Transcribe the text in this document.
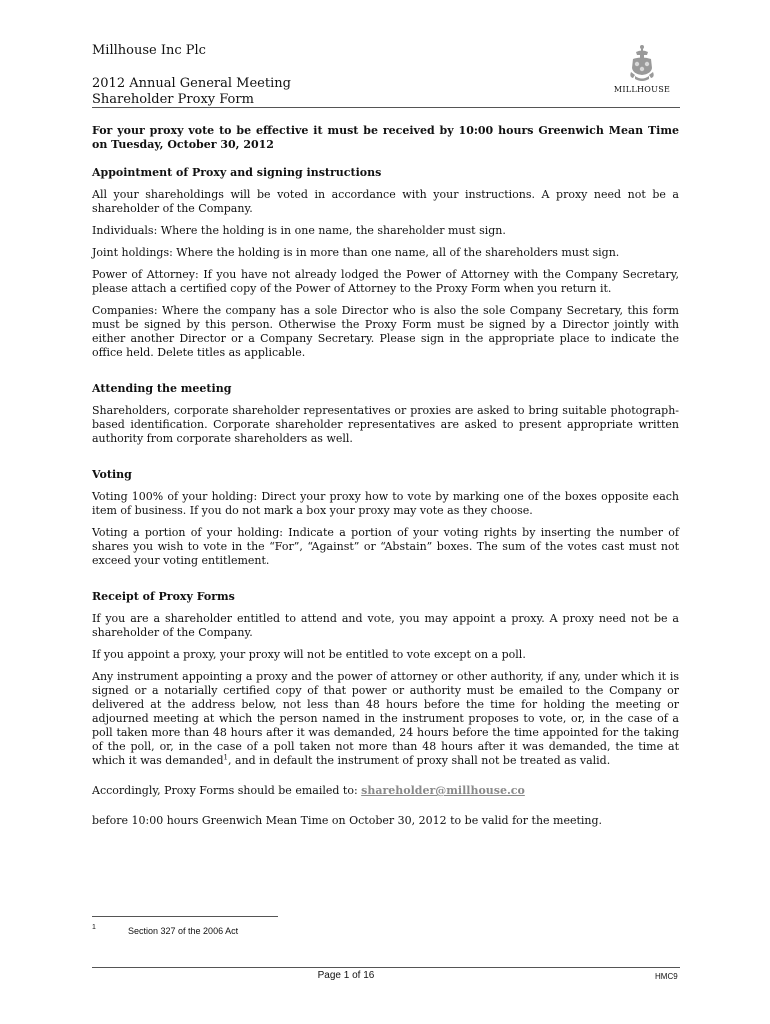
Millhouse Inc Plc
2012 Annual General Meeting
Shareholder Proxy Form
MILLHOUSE

For your proxy vote to be effective it must be received by 10:00 hours Greenwich Mean Time on Tuesday, October 30, 2012

Appointment of Proxy and signing instructions

All your shareholdings will be voted in accordance with your instructions. A proxy need not be a shareholder of the Company.

Individuals: Where the holding is in one name, the shareholder must sign.

Joint holdings: Where the holding is in more than one name, all of the shareholders must sign.

Power of Attorney: If you have not already lodged the Power of Attorney with the Company Secretary, please attach a certified copy of the Power of Attorney to the Proxy Form when you return it.

Companies: Where the company has a sole Director who is also the sole Company Secretary, this form must be signed by this person. Otherwise the Proxy Form must be signed by a Director jointly with either another Director or a Company Secretary. Please sign in the appropriate place to indicate the office held. Delete titles as applicable.

Attending the meeting

Shareholders, corporate shareholder representatives or proxies are asked to bring suitable photograph-based identification. Corporate shareholder representatives are asked to present appropriate written authority from corporate shareholders as well.

Voting

Voting 100% of your holding: Direct your proxy how to vote by marking one of the boxes opposite each item of business. If you do not mark a box your proxy may vote as they choose.

Voting a portion of your holding: Indicate a portion of your voting rights by inserting the number of shares you wish to vote in the “For”, “Against” or “Abstain” boxes. The sum of the votes cast must not exceed your voting entitlement.

Receipt of Proxy Forms

If you are a shareholder entitled to attend and vote, you may appoint a proxy. A proxy need not be a shareholder of the Company.

If you appoint a proxy, your proxy will not be entitled to vote except on a poll.

Any instrument appointing a proxy and the power of attorney or other authority, if any, under which it is signed or a notarially certified copy of that power or authority must be emailed to the Company or delivered at the address below, not less than 48 hours before the time for holding the meeting or adjourned meeting at which the person named in the instrument proposes to vote, or, in the case of a poll taken more than 48 hours after it was demanded, 24 hours before the time appointed for the taking of the poll, or, in the case of a poll taken not more than 48 hours after it was demanded, the time at which it was demanded$^1$, and in default the instrument of proxy shall not be treated as valid.

Accordingly, Proxy Forms should be emailed to: shareholder@millhouse.co

before 10:00 hours Greenwich Mean Time on October 30, 2012 to be valid for the meeting.

1	Section 327 of the 2006 Act
Page 1 of 16	HMC9
